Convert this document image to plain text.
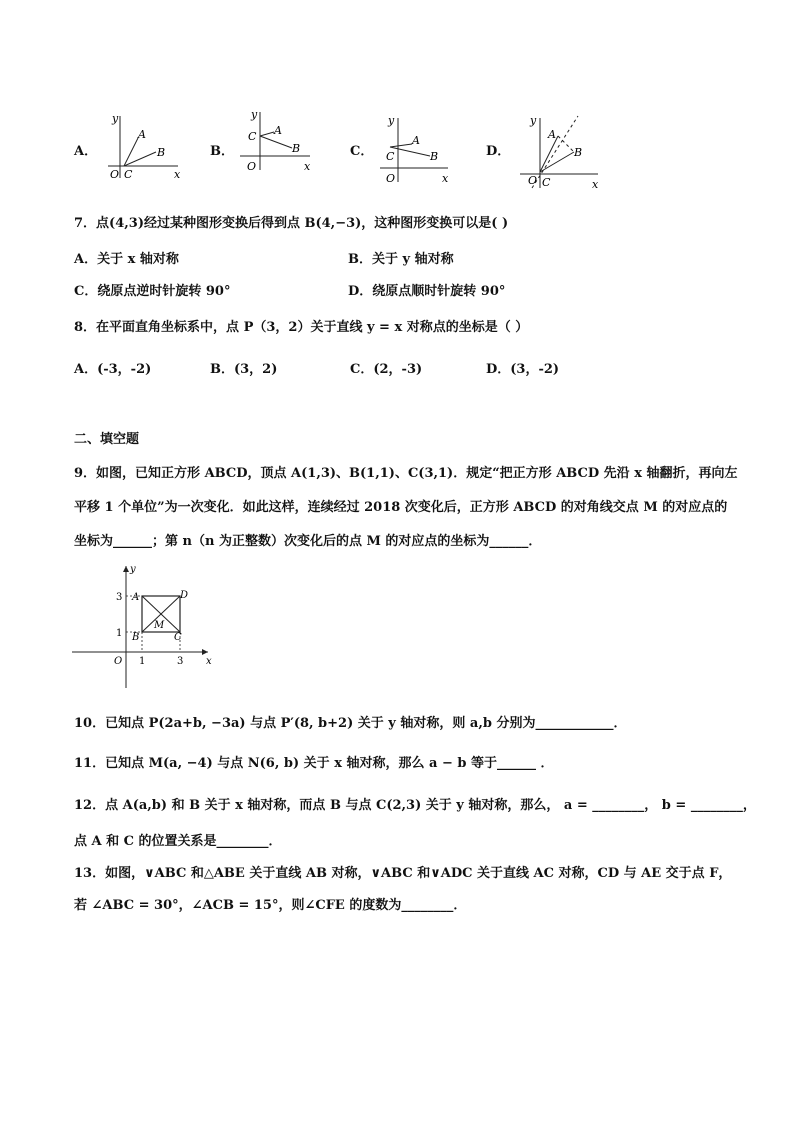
A．
y
x
O C
A
B	B．
y
x
O
C A
B	C．
y
x
O
C
A
B	D．
y
x
O C
A
B
7．点(4,3)经过某种图形变换后得到点 B(4,−3)，这种图形变换可以是( )
A．关于 x 轴对称	B．关于 y 轴对称
C．绕原点逆时针旋转 90°	D．绕原点顺时针旋转 90°
8．在平面直角坐标系中，点 P（3，2）关于直线 y = x 对称点的坐标是（ ）
A．(-3，-2)	B．(3，2)	C．(2，-3)	D．(3，-2)
二、填空题
9．如图，已知正方形 ABCD，顶点 A(1,3)、B(1,1)、C(3,1)．规定“把正方形 ABCD 先沿 x 轴翻折，再向左
平移 1 个单位”为一次变化．如此这样，连续经过 2018 次变化后，正方形 ABCD 的对角线交点 M 的对应点的
坐标为______；第 n（n 为正整数）次变化后的点 M 的对应点的坐标为______．
y
x
O
A
B	C
D
M
1	3
1
3
10．已知点 P(2a+b, −3a) 与点 P′(8, b+2) 关于 y 轴对称，则 a,b 分别为____________．
11．已知点 M(a, −4) 与点 N(6, b) 关于 x 轴对称，那么 a − b 等于______ ．
12．点 A(a,b) 和 B 关于 x 轴对称，而点 B 与点 C(2,3) 关于 y 轴对称，那么， a = ________， b = ________，
点 A 和 C 的位置关系是________．
13．如图，∨ABC 和△ABE 关于直线 AB 对称，∨ABC 和∨ADC 关于直线 AC 对称，CD 与 AE 交于点 F，
若 ∠ABC = 30°，∠ACB = 15°，则∠CFE 的度数为________．
